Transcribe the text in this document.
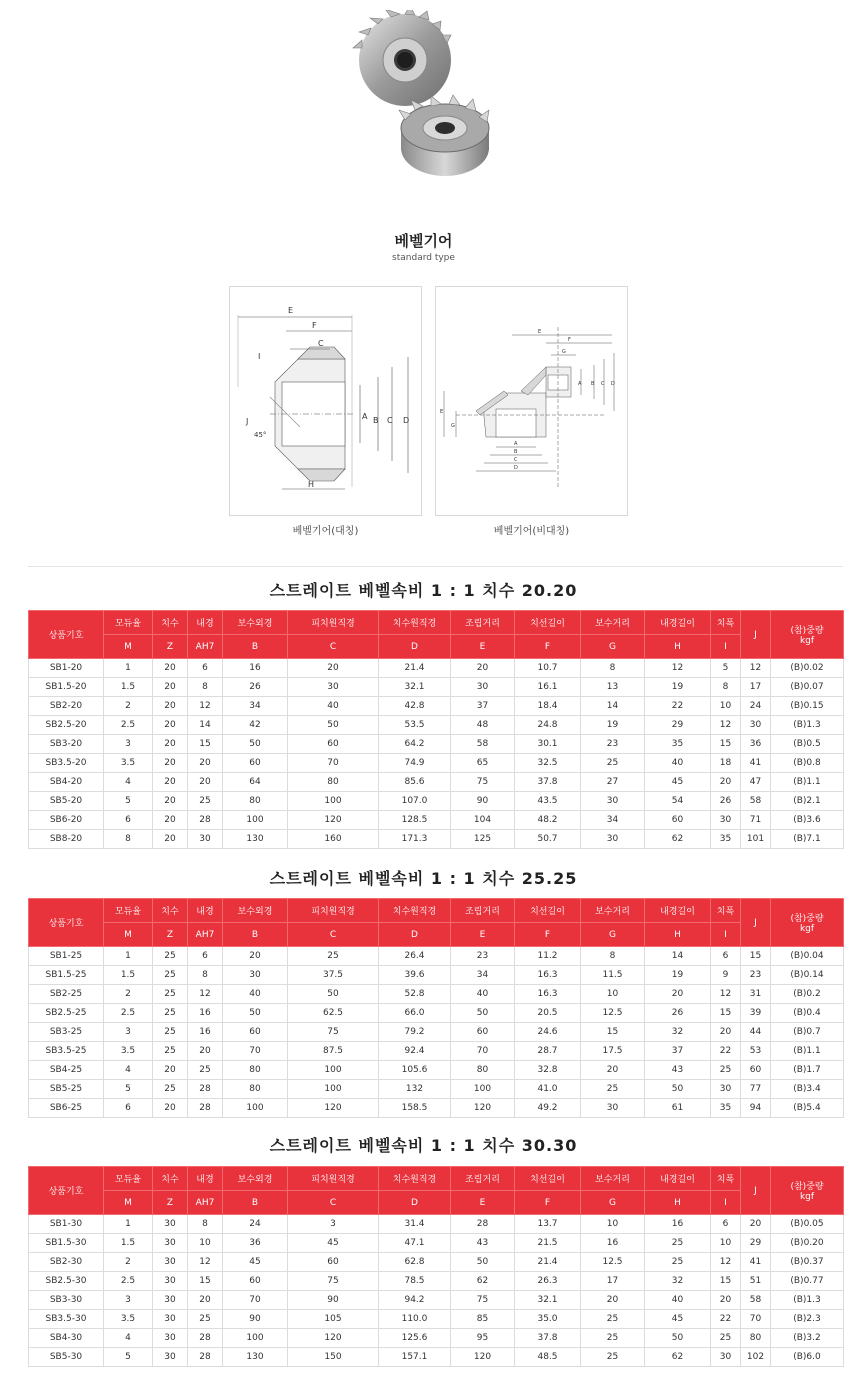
베벨기어
standard type
E
F
C
I
J
45°
A B C D
H
E
F
G
A B C D
E
G
A
B
C
D
베벨기어(대칭)	베벨기어(비대칭)
스트레이트 베벨속비 1 : 1 치수 20.20
상품기호	모듀율	치수	내경	보수외경	피치원직경	치수원직경	조립거리	치선길이	보수거리	내경길이	치폭	J	(참)중량
kgf
	M	Z	AH7	B	C	D	E	F	G	H	I		
SB1-20	1	20	6	16	20	21.4	20	10.7	8	12	5	12	(B)0.02
SB1.5-20	1.5	20	8	26	30	32.1	30	16.1	13	19	8	17	(B)0.07
SB2-20	2	20	12	34	40	42.8	37	18.4	14	22	10	24	(B)0.15
SB2.5-20	2.5	20	14	42	50	53.5	48	24.8	19	29	12	30	(B)1.3
SB3-20	3	20	15	50	60	64.2	58	30.1	23	35	15	36	(B)0.5
SB3.5-20	3.5	20	20	60	70	74.9	65	32.5	25	40	18	41	(B)0.8
SB4-20	4	20	20	64	80	85.6	75	37.8	27	45	20	47	(B)1.1
SB5-20	5	20	25	80	100	107.0	90	43.5	30	54	26	58	(B)2.1
SB6-20	6	20	28	100	120	128.5	104	48.2	34	60	30	71	(B)3.6
SB8-20	8	20	30	130	160	171.3	125	50.7	30	62	35	101	(B)7.1
스트레이트 베벨속비 1 : 1 치수 25.25
상품기호	모듀율	치수	내경	보수외경	피치원직경	치수원직경	조립거리	치선길이	보수거리	내경길이	치폭	J	(참)중량
kgf
	M	Z	AH7	B	C	D	E	F	G	H	I		
SB1-25	1	25	6	20	25	26.4	23	11.2	8	14	6	15	(B)0.04
SB1.5-25	1.5	25	8	30	37.5	39.6	34	16.3	11.5	19	9	23	(B)0.14
SB2-25	2	25	12	40	50	52.8	40	16.3	10	20	12	31	(B)0.2
SB2.5-25	2.5	25	16	50	62.5	66.0	50	20.5	12.5	26	15	39	(B)0.4
SB3-25	3	25	16	60	75	79.2	60	24.6	15	32	20	44	(B)0.7
SB3.5-25	3.5	25	20	70	87.5	92.4	70	28.7	17.5	37	22	53	(B)1.1
SB4-25	4	20	25	80	100	105.6	80	32.8	20	43	25	60	(B)1.7
SB5-25	5	25	28	80	100	132	100	41.0	25	50	30	77	(B)3.4
SB6-25	6	20	28	100	120	158.5	120	49.2	30	61	35	94	(B)5.4
스트레이트 베벨속비 1 : 1 치수 30.30
상품기호	모듀율	치수	내경	보수외경	피치원직경	치수원직경	조립거리	치선길이	보수거리	내경길이	치폭	J	(참)중량
kgf
	M	Z	AH7	B	C	D	E	F	G	H	I		
SB1-30	1	30	8	24	3	31.4	28	13.7	10	16	6	20	(B)0.05
SB1.5-30	1.5	30	10	36	45	47.1	43	21.5	16	25	10	29	(B)0.20
SB2-30	2	30	12	45	60	62.8	50	21.4	12.5	25	12	41	(B)0.37
SB2.5-30	2.5	30	15	60	75	78.5	62	26.3	17	32	15	51	(B)0.77
SB3-30	3	30	20	70	90	94.2	75	32.1	20	40	20	58	(B)1.3
SB3.5-30	3.5	30	25	90	105	110.0	85	35.0	25	45	22	70	(B)2.3
SB4-30	4	30	28	100	120	125.6	95	37.8	25	50	25	80	(B)3.2
SB5-30	5	30	28	130	150	157.1	120	48.5	25	62	30	102	(B)6.0
